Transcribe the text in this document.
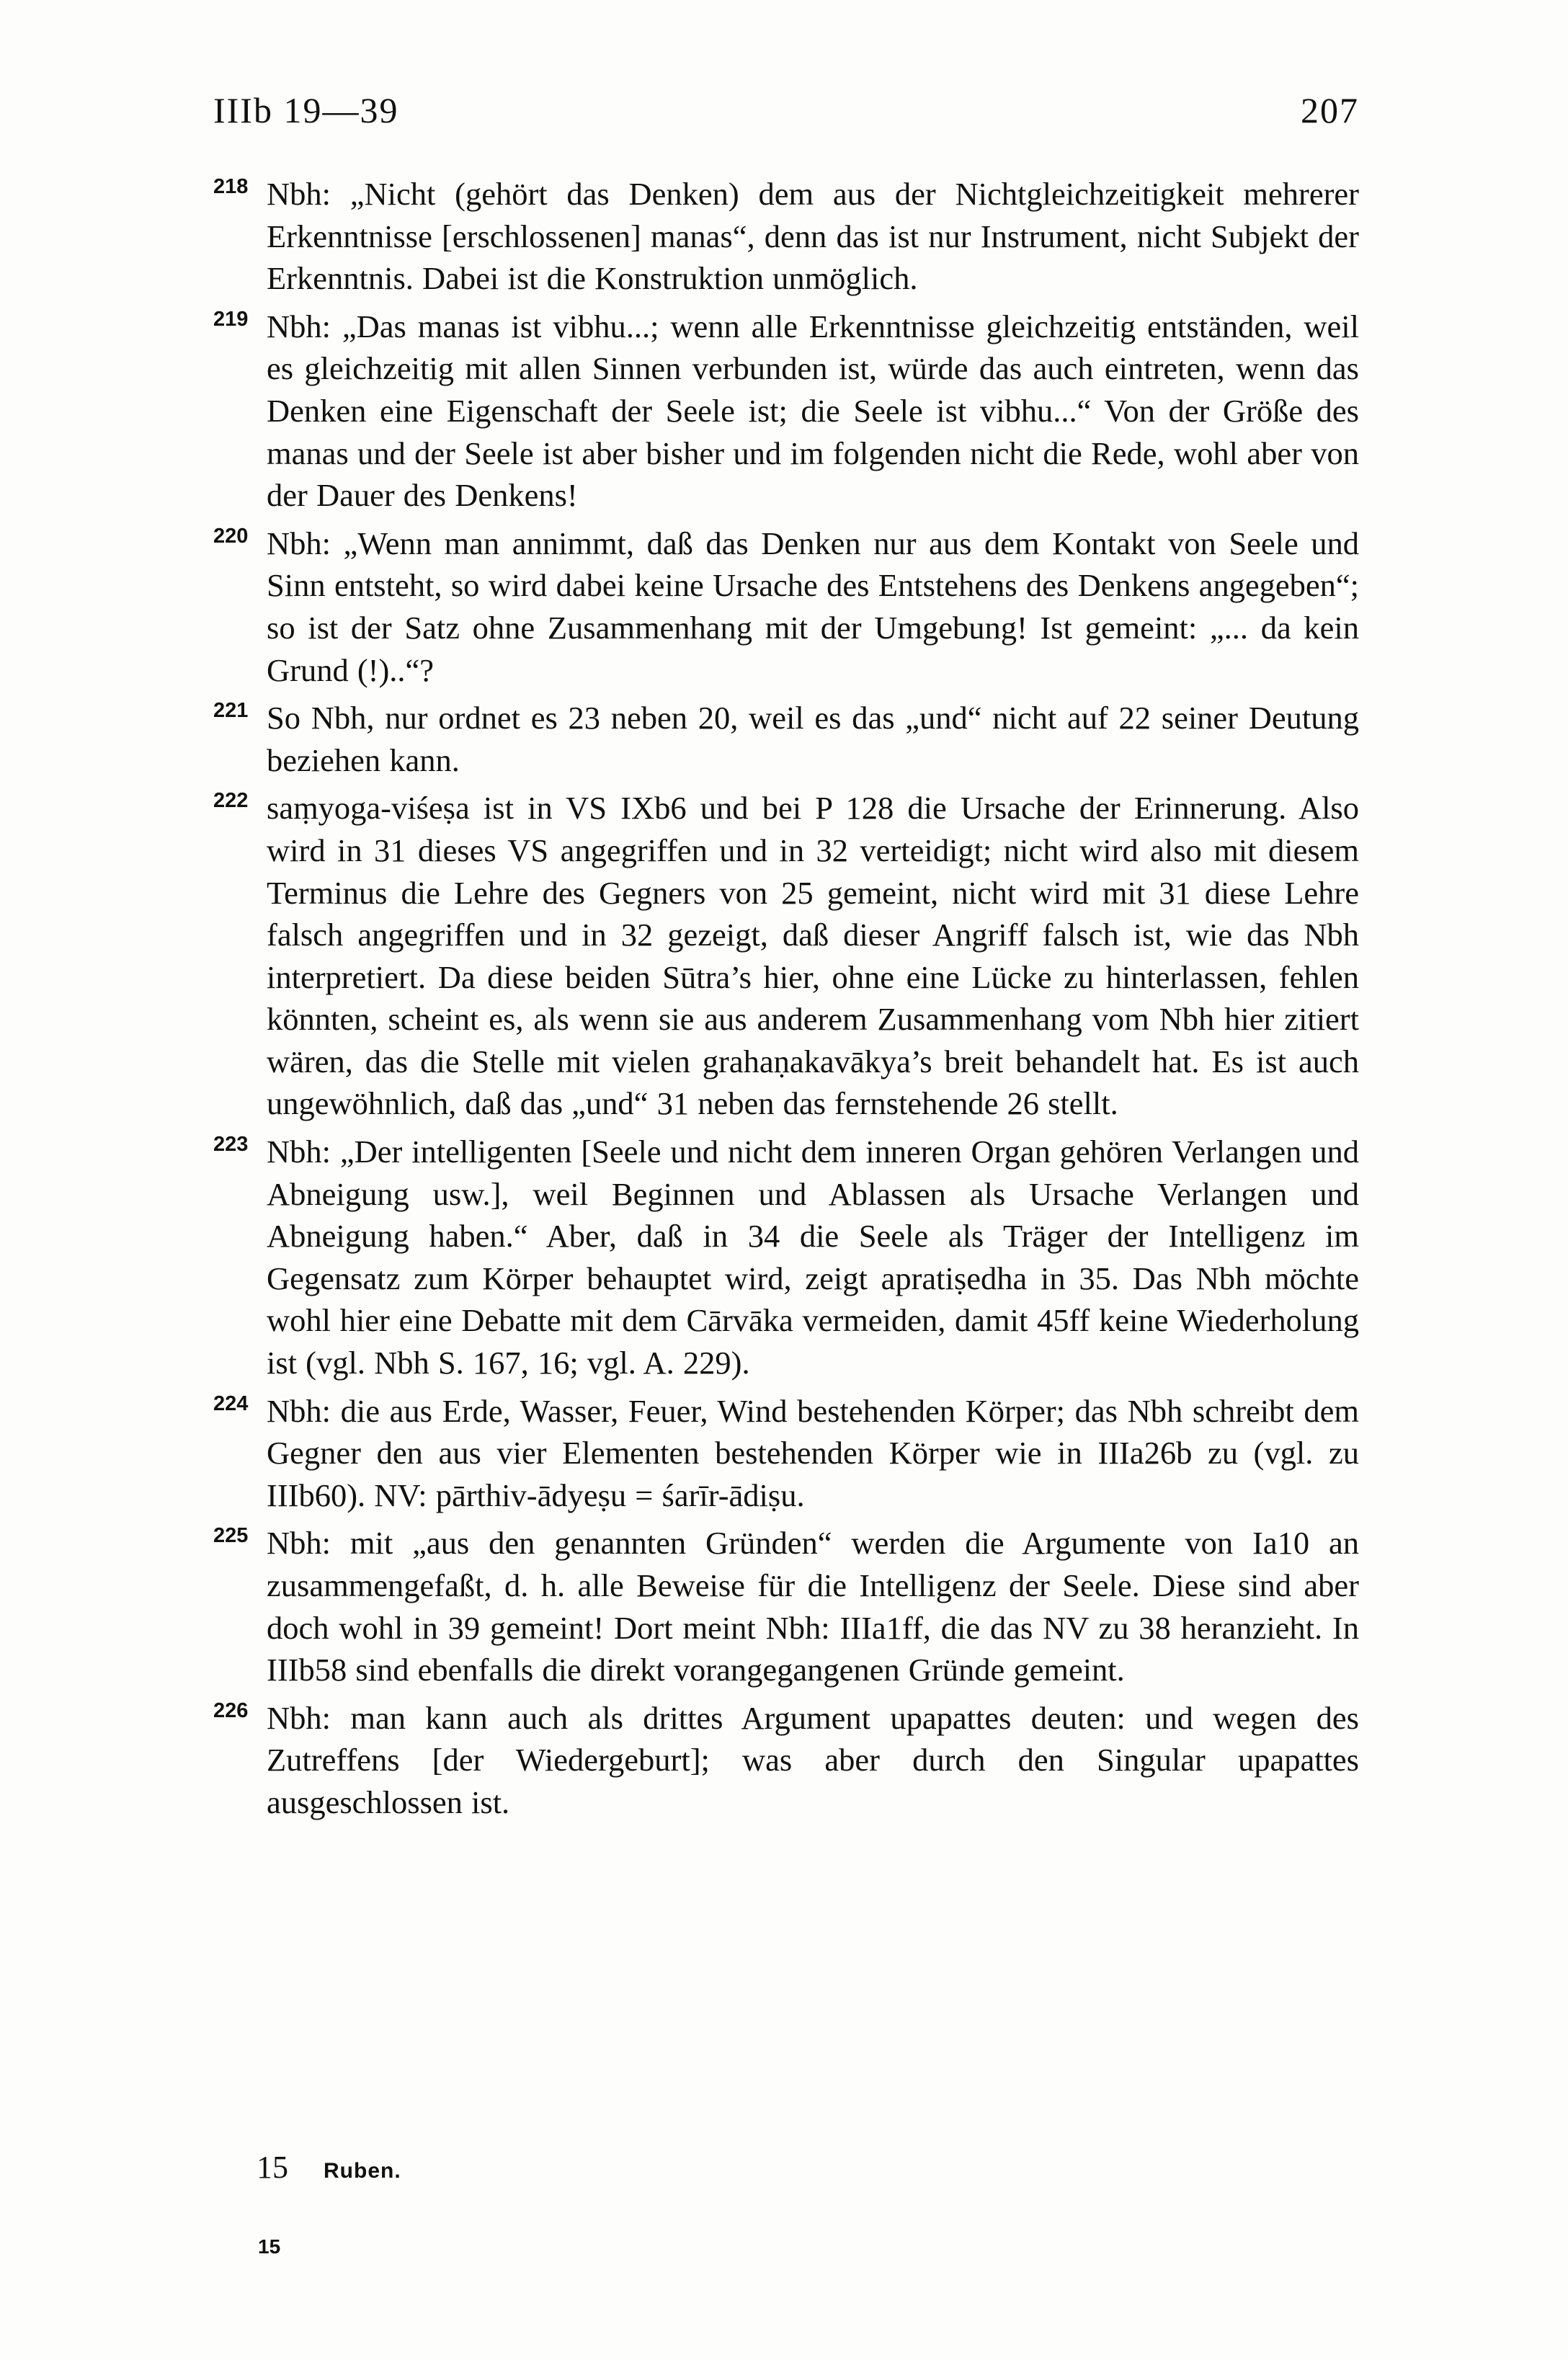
IIIb 19—39	207
218 Nbh: „Nicht (gehört das Denken) dem aus der Nichtgleichzeitigkeit mehrerer Erkenntnisse [erschlossenen] manas“, denn das ist nur Instrument, nicht Subjekt der Erkenntnis. Dabei ist die Konstruktion unmöglich.
219 Nbh: „Das manas ist vibhu...; wenn alle Erkenntnisse gleichzeitig entständen, weil es gleichzeitig mit allen Sinnen verbunden ist, würde das auch eintreten, wenn das Denken eine Eigenschaft der Seele ist; die Seele ist vibhu...“ Von der Größe des manas und der Seele ist aber bisher und im folgenden nicht die Rede, wohl aber von der Dauer des Denkens!
220 Nbh: „Wenn man annimmt, daß das Denken nur aus dem Kontakt von Seele und Sinn entsteht, so wird dabei keine Ursache des Entstehens des Denkens angegeben“; so ist der Satz ohne Zusammenhang mit der Umgebung! Ist gemeint: „... da kein Grund (!)..“?
221 So Nbh, nur ordnet es 23 neben 20, weil es das „und“ nicht auf 22 seiner Deutung beziehen kann.
222 saṃyoga-viśeṣa ist in VS IXb6 und bei P 128 die Ursache der Erinnerung. Also wird in 31 dieses VS angegriffen und in 32 verteidigt; nicht wird also mit diesem Terminus die Lehre des Gegners von 25 gemeint, nicht wird mit 31 diese Lehre falsch angegriffen und in 32 gezeigt, daß dieser Angriff falsch ist, wie das Nbh interpretiert. Da diese beiden Sūtra’s hier, ohne eine Lücke zu hinterlassen, fehlen könnten, scheint es, als wenn sie aus anderem Zusammenhang vom Nbh hier zitiert wären, das die Stelle mit vielen grahaṇakavākya’s breit behandelt hat. Es ist auch ungewöhnlich, daß das „und“ 31 neben das fernstehende 26 stellt.
223 Nbh: „Der intelligenten [Seele und nicht dem inneren Organ gehören Verlangen und Abneigung usw.], weil Beginnen und Ablassen als Ursache Verlangen und Abneigung haben.“ Aber, daß in 34 die Seele als Träger der Intelligenz im Gegensatz zum Körper behauptet wird, zeigt apratiṣedha in 35. Das Nbh möchte wohl hier eine Debatte mit dem Cārvāka vermeiden, damit 45ff keine Wiederholung ist (vgl. Nbh S. 167, 16; vgl. A. 229).
224 Nbh: die aus Erde, Wasser, Feuer, Wind bestehenden Körper; das Nbh schreibt dem Gegner den aus vier Elementen bestehenden Körper wie in IIIa26b zu (vgl. zu IIIb60). NV: pārthiv-ādyeṣu = śarīr-ādiṣu.
225 Nbh: mit „aus den genannten Gründen“ werden die Argumente von Ia10 an zusammengefaßt, d. h. alle Beweise für die Intelligenz der Seele. Diese sind aber doch wohl in 39 gemeint! Dort meint Nbh: IIIa1ff, die das NV zu 38 heranzieht. In IIIb58 sind ebenfalls die direkt vorangegangenen Gründe gemeint.
226 Nbh: man kann auch als drittes Argument upapattes deuten: und wegen des Zutreffens [der Wiedergeburt]; was aber durch den Singular upapattes ausgeschlossen ist.
15 Ruben.
15
